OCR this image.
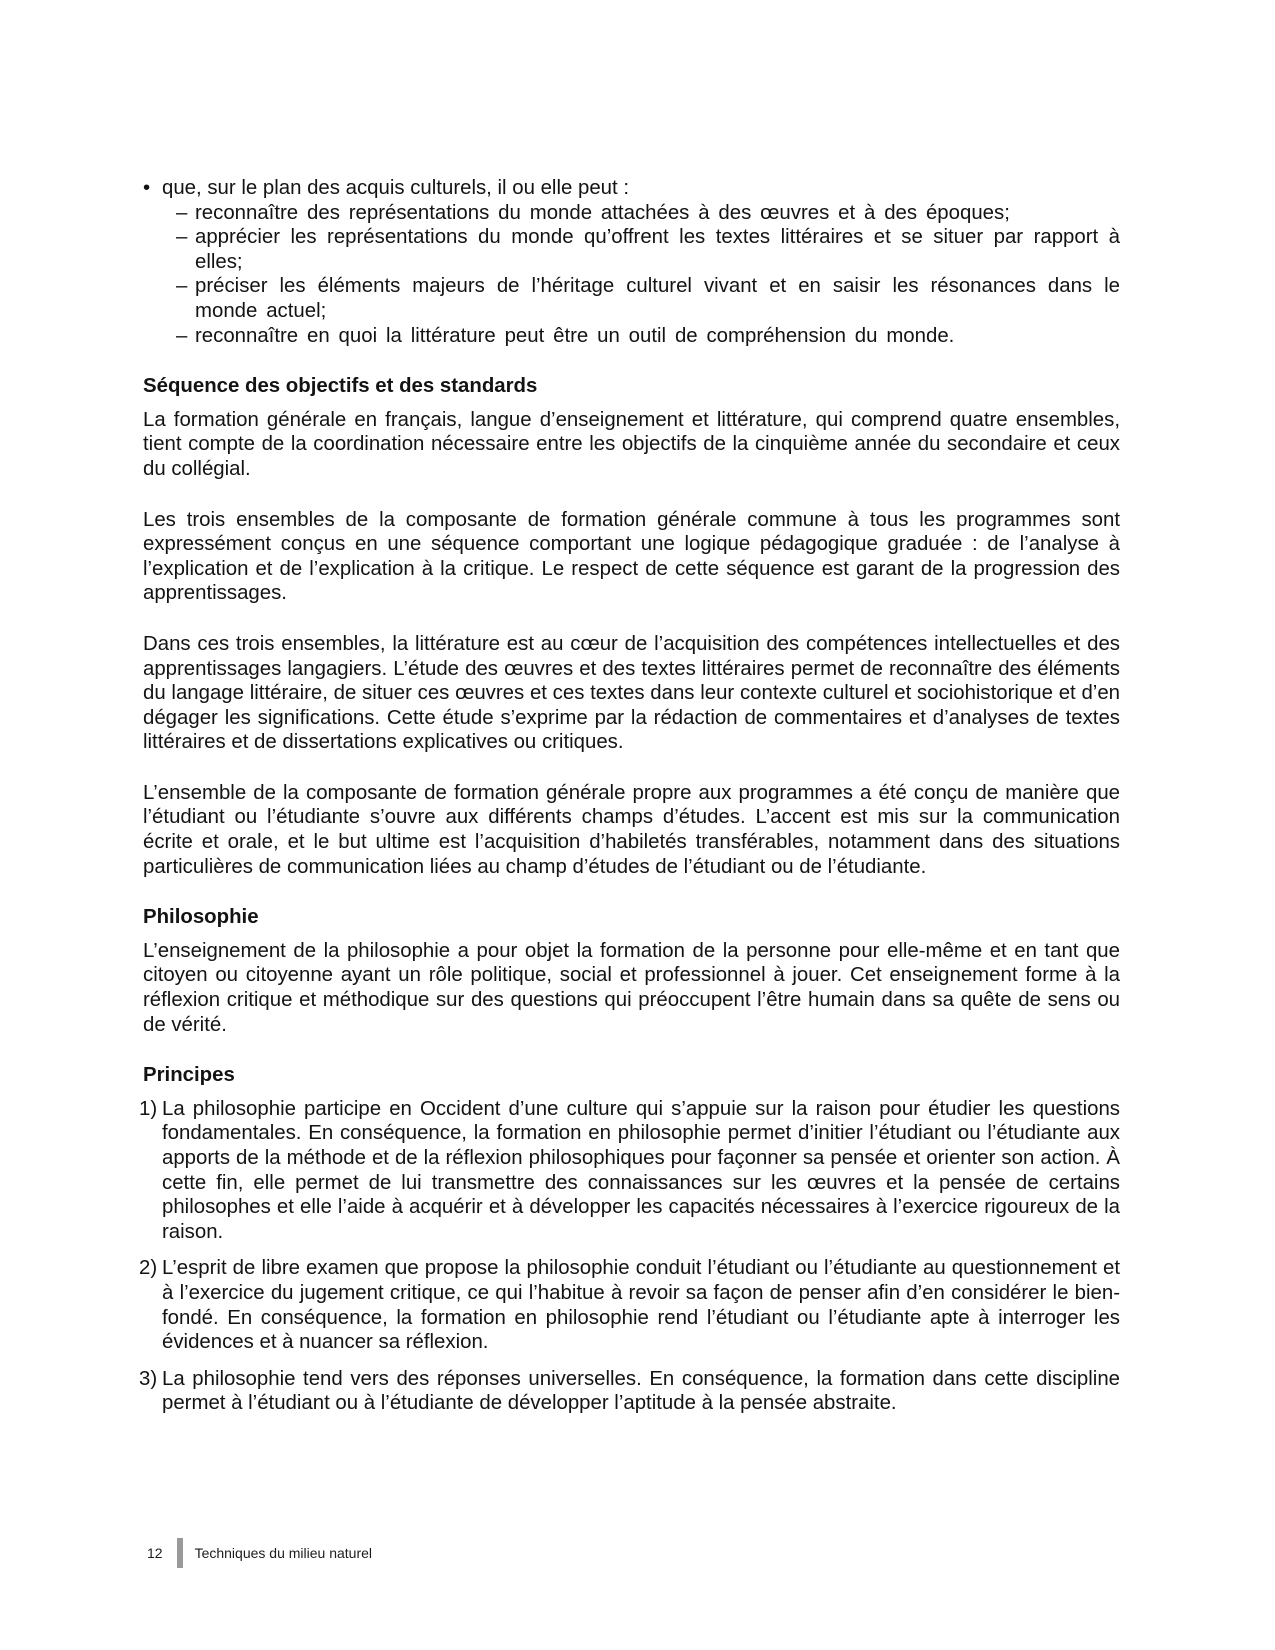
• que, sur le plan des acquis culturels, il ou elle peut :
– reconnaître des représentations du monde attachées à des œuvres et à des époques;
– apprécier les représentations du monde qu’offrent les textes littéraires et se situer par rapport à elles;
– préciser les éléments majeurs de l’héritage culturel vivant et en saisir les résonances dans le monde actuel;
– reconnaître en quoi la littérature peut être un outil de compréhension du monde.
Séquence des objectifs et des standards

La formation générale en français, langue d’enseignement et littérature, qui comprend quatre ensembles, tient compte de la coordination nécessaire entre les objectifs de la cinquième année du secondaire et ceux du collégial.

Les trois ensembles de la composante de formation générale commune à tous les programmes sont expressément conçus en une séquence comportant une logique pédagogique graduée : de l’analyse à l’explication et de l’explication à la critique. Le respect de cette séquence est garant de la progression des apprentissages.

Dans ces trois ensembles, la littérature est au cœur de l’acquisition des compétences intellectuelles et des apprentissages langagiers. L’étude des œuvres et des textes littéraires permet de reconnaître des éléments du langage littéraire, de situer ces œuvres et ces textes dans leur contexte culturel et sociohistorique et d’en dégager les significations. Cette étude s’exprime par la rédaction de commentaires et d’analyses de textes littéraires et de dissertations explicatives ou critiques.

L’ensemble de la composante de formation générale propre aux programmes a été conçu de manière que l’étudiant ou l’étudiante s’ouvre aux différents champs d’études. L’accent est mis sur la communication écrite et orale, et le but ultime est l’acquisition d’habiletés transférables, notamment dans des situations particulières de communication liées au champ d’études de l’étudiant ou de l’étudiante.

Philosophie

L’enseignement de la philosophie a pour objet la formation de la personne pour elle-même et en tant que citoyen ou citoyenne ayant un rôle politique, social et professionnel à jouer. Cet enseignement forme à la réflexion critique et méthodique sur des questions qui préoccupent l’être humain dans sa quête de sens ou de vérité.

Principes
1) La philosophie participe en Occident d’une culture qui s’appuie sur la raison pour étudier les questions fondamentales. En conséquence, la formation en philosophie permet d’initier l’étudiant ou l’étudiante aux apports de la méthode et de la réflexion philosophiques pour façonner sa pensée et orienter son action. À cette fin, elle permet de lui transmettre des connaissances sur les œuvres et la pensée de certains philosophes et elle l’aide à acquérir et à développer les capacités nécessaires à l’exercice rigoureux de la raison.
2) L’esprit de libre examen que propose la philosophie conduit l’étudiant ou l’étudiante au questionnement et à l’exercice du jugement critique, ce qui l’habitue à revoir sa façon de penser afin d’en considérer le bien-fondé. En conséquence, la formation en philosophie rend l’étudiant ou l’étudiante apte à interroger les évidences et à nuancer sa réflexion.
3) La philosophie tend vers des réponses universelles. En conséquence, la formation dans cette discipline permet à l’étudiant ou à l’étudiante de développer l’aptitude à la pensée abstraite.
12 Techniques du milieu naturel
